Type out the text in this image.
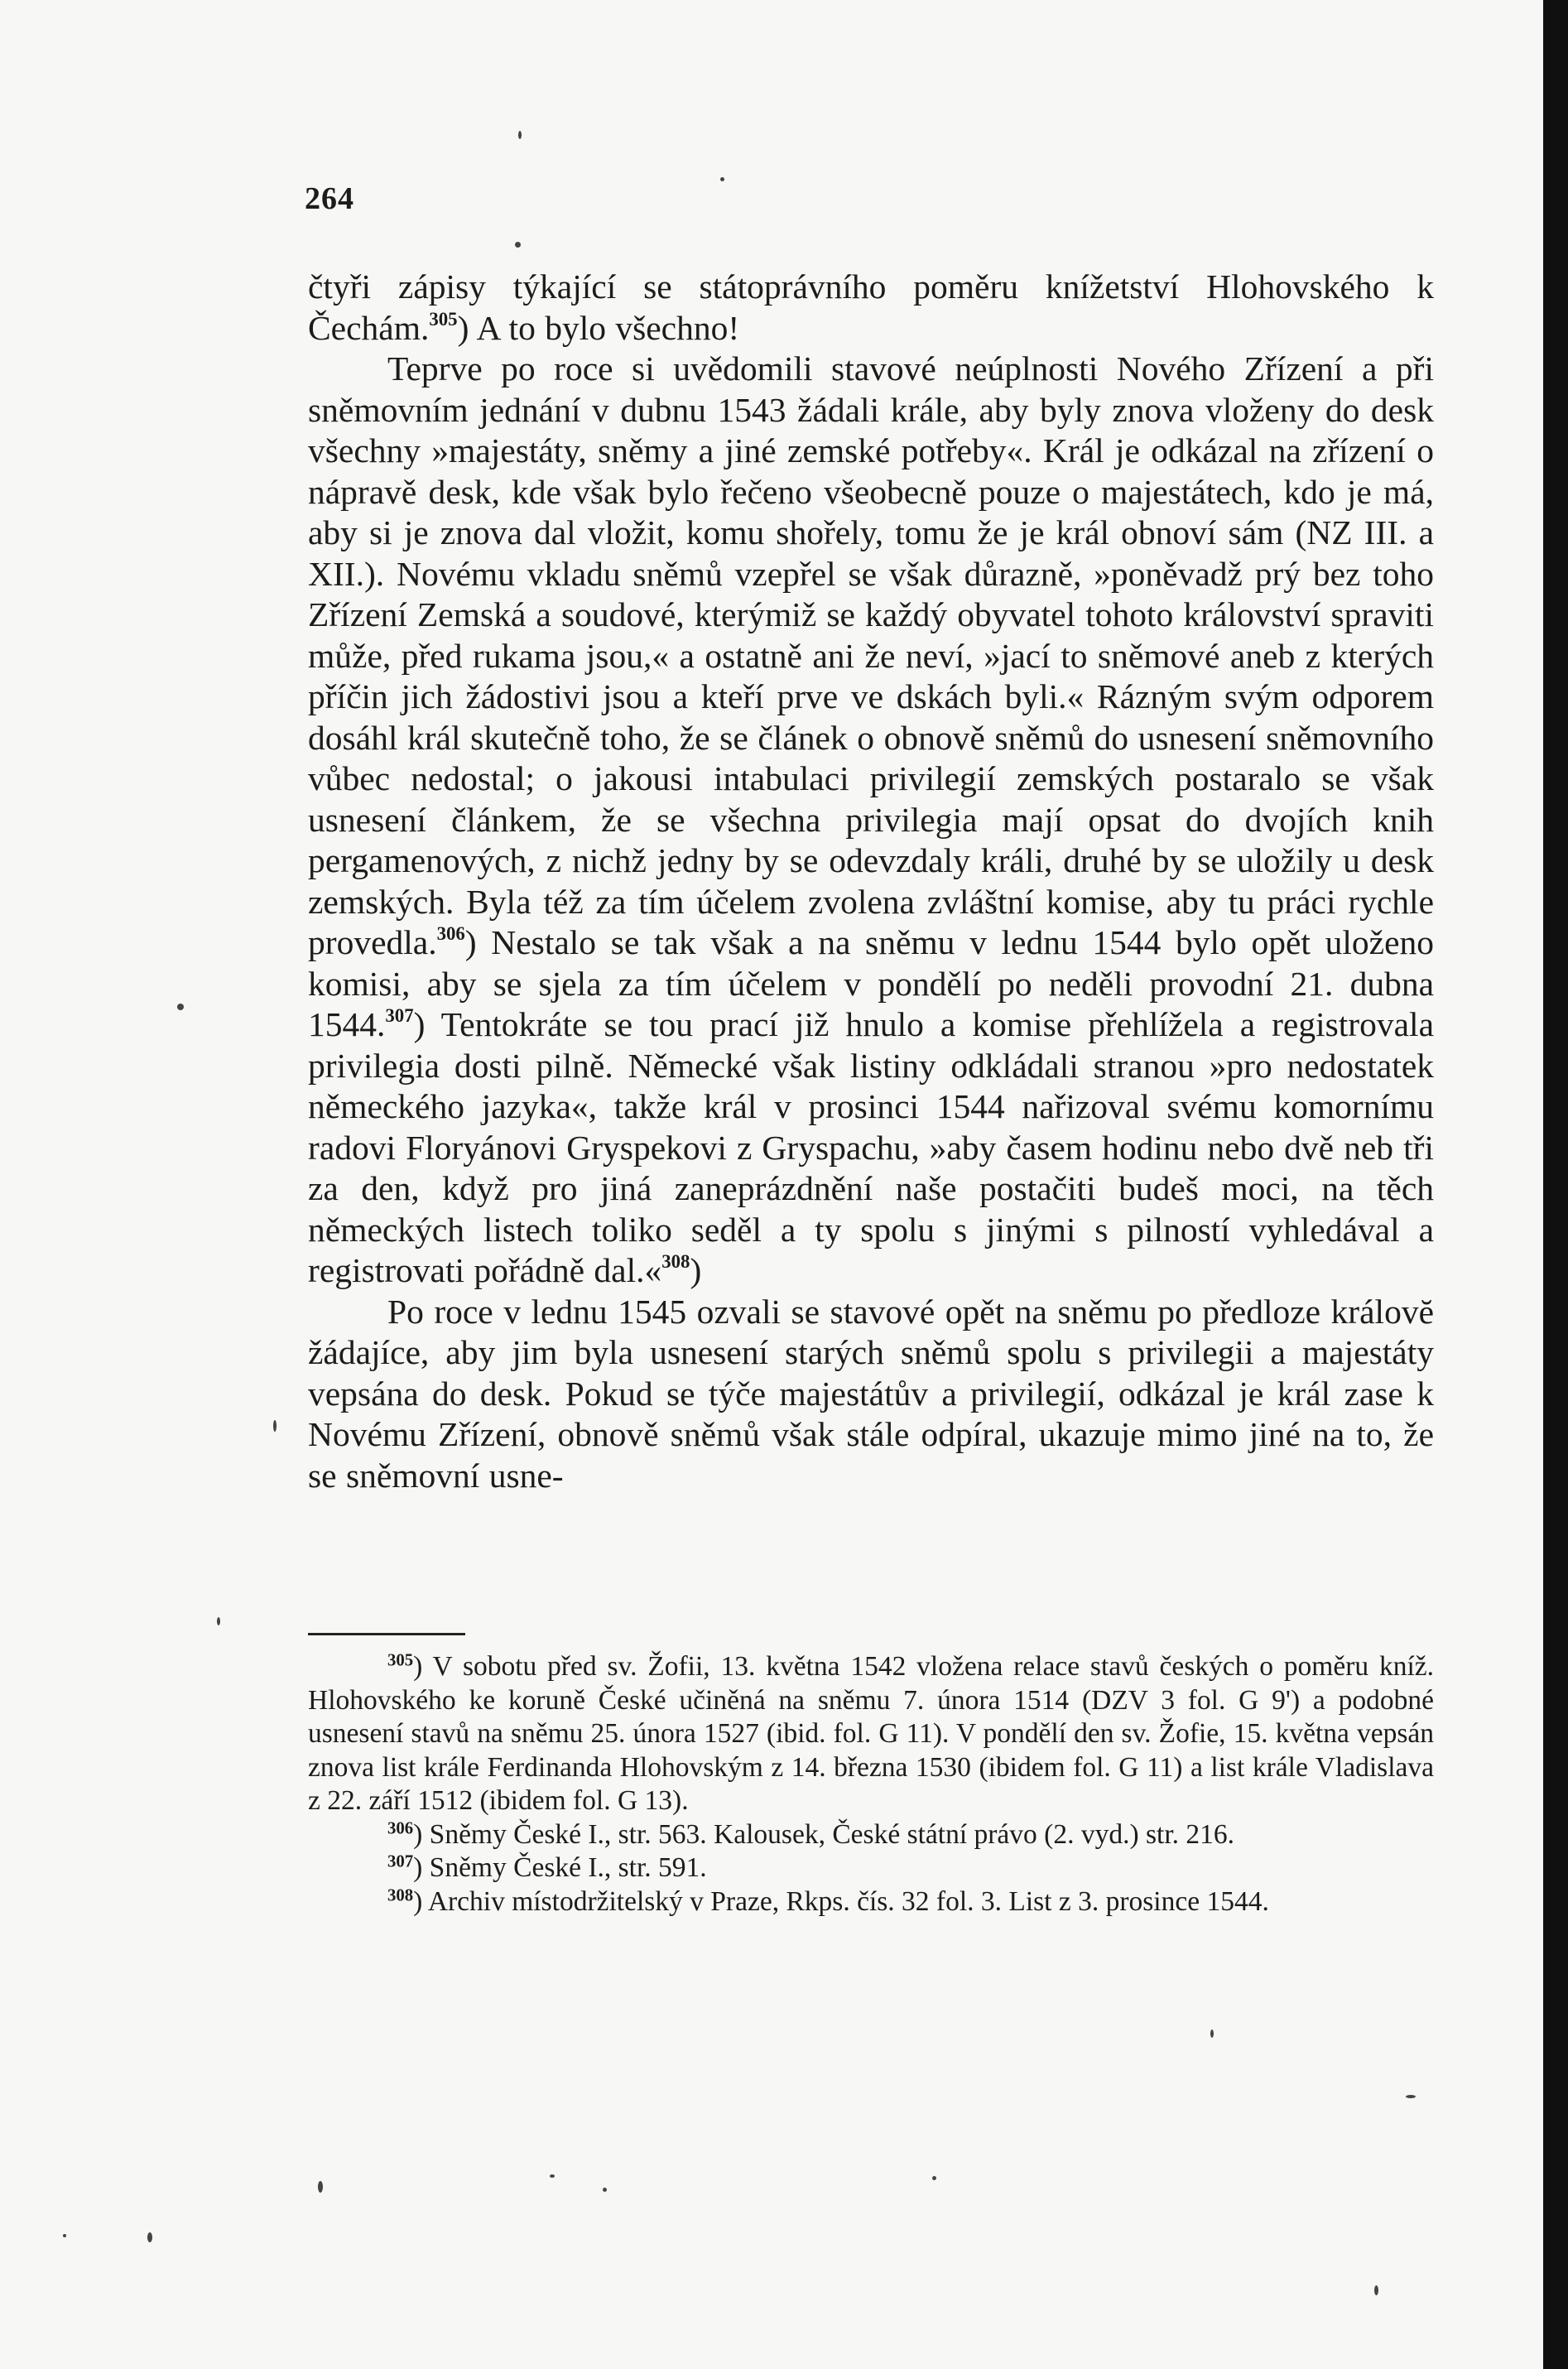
264

čtyři zápisy týkající se státoprávního poměru knížetství Hlohovského k Čechám.$^{305}$) A to bylo všechno!

Teprve po roce si uvědomili stavové neúplnosti Nového Zřízení a při sněmovním jednání v dubnu 1543 žádali krále, aby byly znova vloženy do desk všechny »majestáty, sněmy a jiné zemské potřeby«. Král je odkázal na zřízení o nápravě desk, kde však bylo řečeno všeobecně pouze o majestátech, kdo je má, aby si je znova dal vložit, komu shořely, tomu že je král obnoví sám (NZ III. a XII.). Novému vkladu sněmů vzepřel se však důrazně, »poněvadž prý bez toho Zřízení Zemská a soudové, kterýmiž se každý obyvatel tohoto království spraviti může, před rukama jsou,« a ostatně ani že neví, »jací to sněmové aneb z kterých příčin jich žádostivi jsou a kteří prve ve dskách byli.« Rázným svým odporem dosáhl král skutečně toho, že se článek o obnově sněmů do usnesení sněmovního vůbec nedostal; o jakousi intabulaci privilegií zemských postaralo se však usnesení článkem, že se všechna privilegia mají opsat do dvojích knih pergamenových, z nichž jedny by se odevzdaly králi, druhé by se uložily u desk zemských. Byla též za tím účelem zvolena zvláštní komise, aby tu práci rychle provedla.$^{306}$) Nestalo se tak však a na sněmu v lednu 1544 bylo opět uloženo komisi, aby se sjela za tím účelem v pondělí po neděli provodní 21. dubna 1544.$^{307}$) Tentokráte se tou prací již hnulo a komise přehlížela a registrovala privilegia dosti pilně. Německé však listiny odkládali stranou »pro nedostatek německého jazyka«, takže král v prosinci 1544 nařizoval svému komornímu radovi Floryánovi Gryspekovi z Gryspachu, »aby časem hodinu nebo dvě neb tři za den, když pro jiná zaneprázdnění naše postačiti budeš moci, na těch německých listech toliko seděl a ty spolu s jinými s pilností vyhledával a registrovati pořádně dal.«$^{308}$)

Po roce v lednu 1545 ozvali se stavové opět na sněmu po předloze královĕ žádajíce, aby jim byla usnesení starých sněmů spolu s privilegii a majestáty vepsána do desk. Pokud se týče majestátův a privilegií, odkázal je král zase k Novému Zřízení, obnově sněmů však stále odpíral, ukazuje mimo jiné na to, že se sněmovní usne-

$^{305}$) V sobotu před sv. Žofii, 13. května 1542 vložena relace stavů českých o poměru kníž. Hlohovského ke koruně České učiněná na sněmu 7. února 1514 (DZV 3 fol. G 9') a podobné usnesení stavů na sněmu 25. února 1527 (ibid. fol. G 11). V pondělí den sv. Žofie, 15. května vepsán znova list krále Ferdinanda Hlohovským z 14. března 1530 (ibidem fol. G 11) a list krále Vladislava z 22. září 1512 (ibidem fol. G 13).

$^{306}$) Sněmy České I., str. 563. Kalousek, České státní právo (2. vyd.) str. 216.

$^{307}$) Sněmy České I., str. 591.

$^{308}$) Archiv místodržitelský v Praze, Rkps. čís. 32 fol. 3. List z 3. prosince 1544.
